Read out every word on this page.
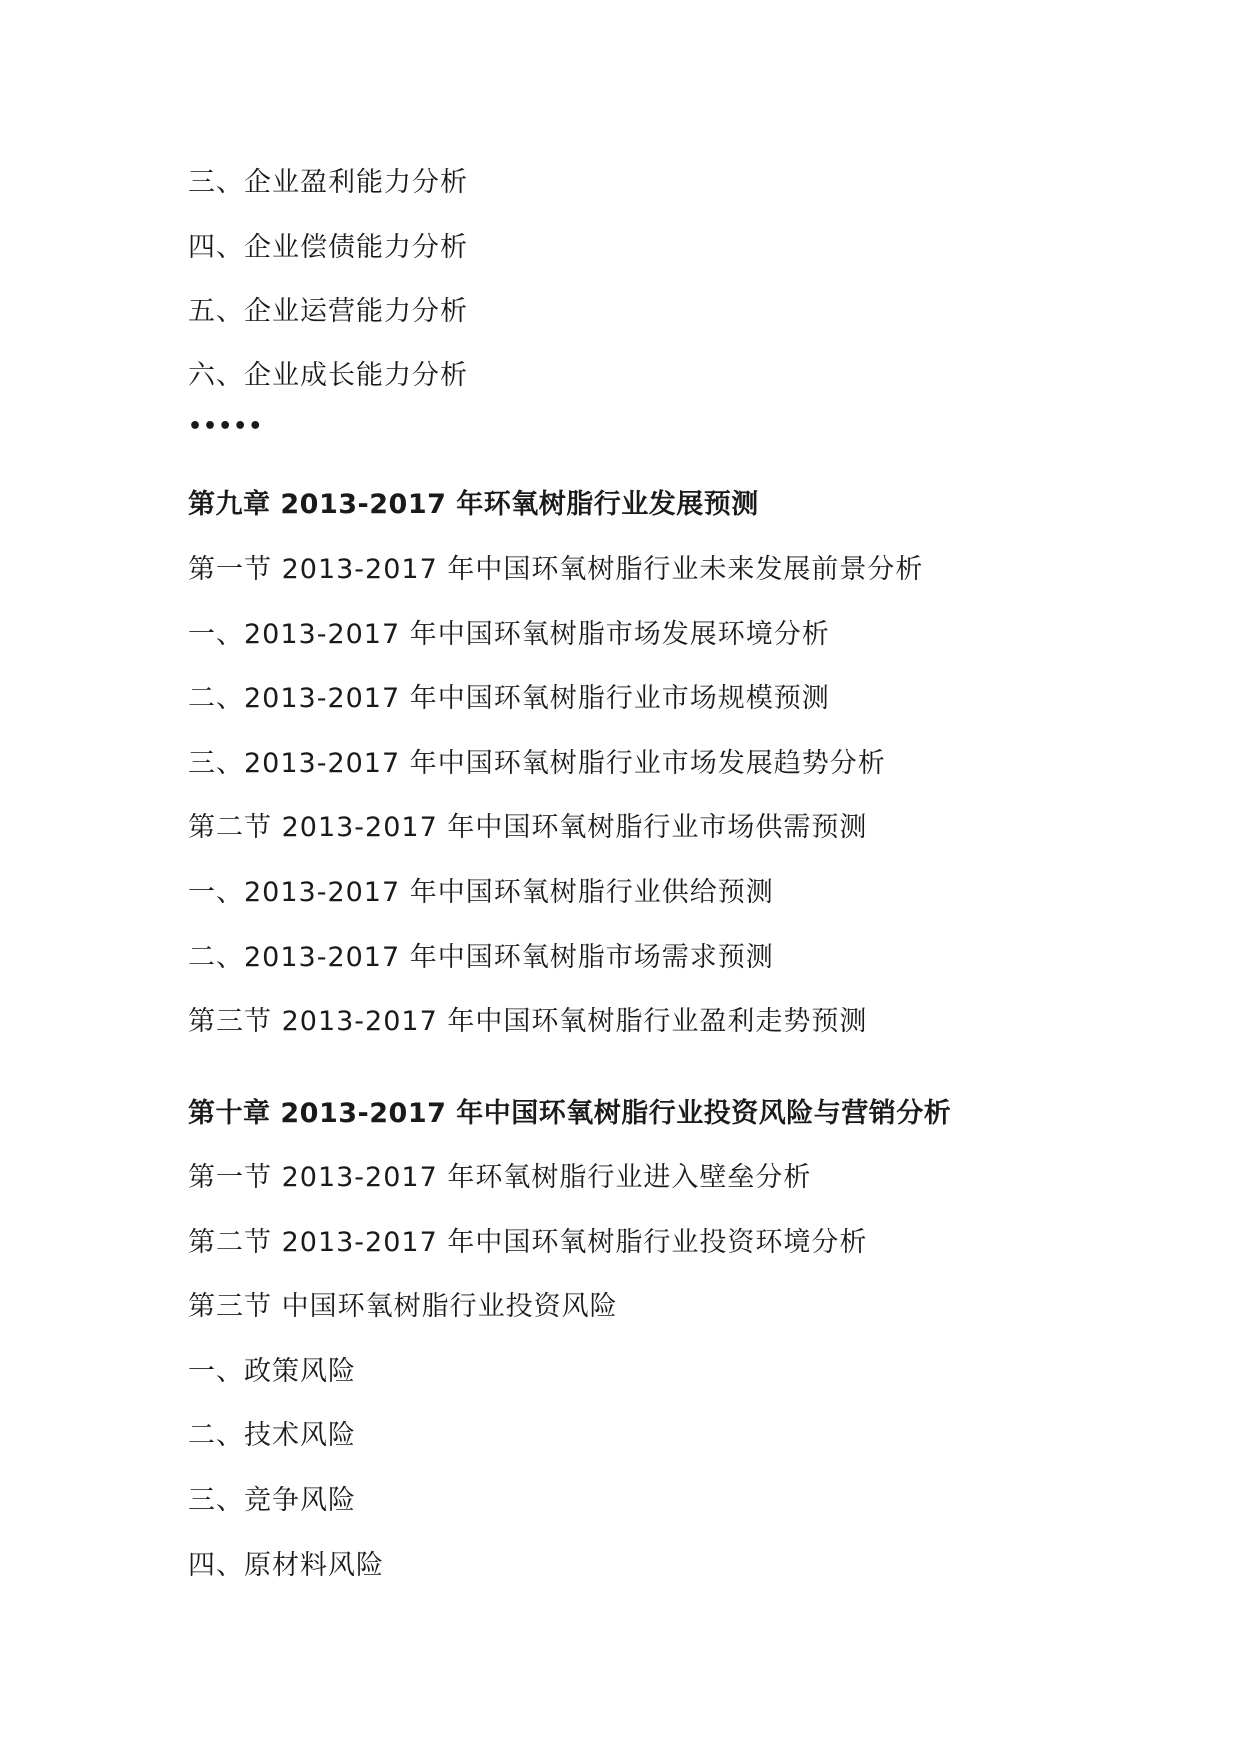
三、企业盈利能力分析
四、企业偿债能力分析
五、企业运营能力分析
六、企业成长能力分析
•••••
第九章 2013-2017 年环氧树脂行业发展预测
第一节 2013-2017 年中国环氧树脂行业未来发展前景分析
一、2013-2017 年中国环氧树脂市场发展环境分析
二、2013-2017 年中国环氧树脂行业市场规模预测
三、2013-2017 年中国环氧树脂行业市场发展趋势分析
第二节 2013-2017 年中国环氧树脂行业市场供需预测
一、2013-2017 年中国环氧树脂行业供给预测
二、2013-2017 年中国环氧树脂市场需求预测
第三节 2013-2017 年中国环氧树脂行业盈利走势预测
第十章 2013-2017 年中国环氧树脂行业投资风险与营销分析
第一节 2013-2017 年环氧树脂行业进入壁垒分析
第二节 2013-2017 年中国环氧树脂行业投资环境分析
第三节 中国环氧树脂行业投资风险
一、政策风险
二、技术风险
三、竞争风险
四、原材料风险
